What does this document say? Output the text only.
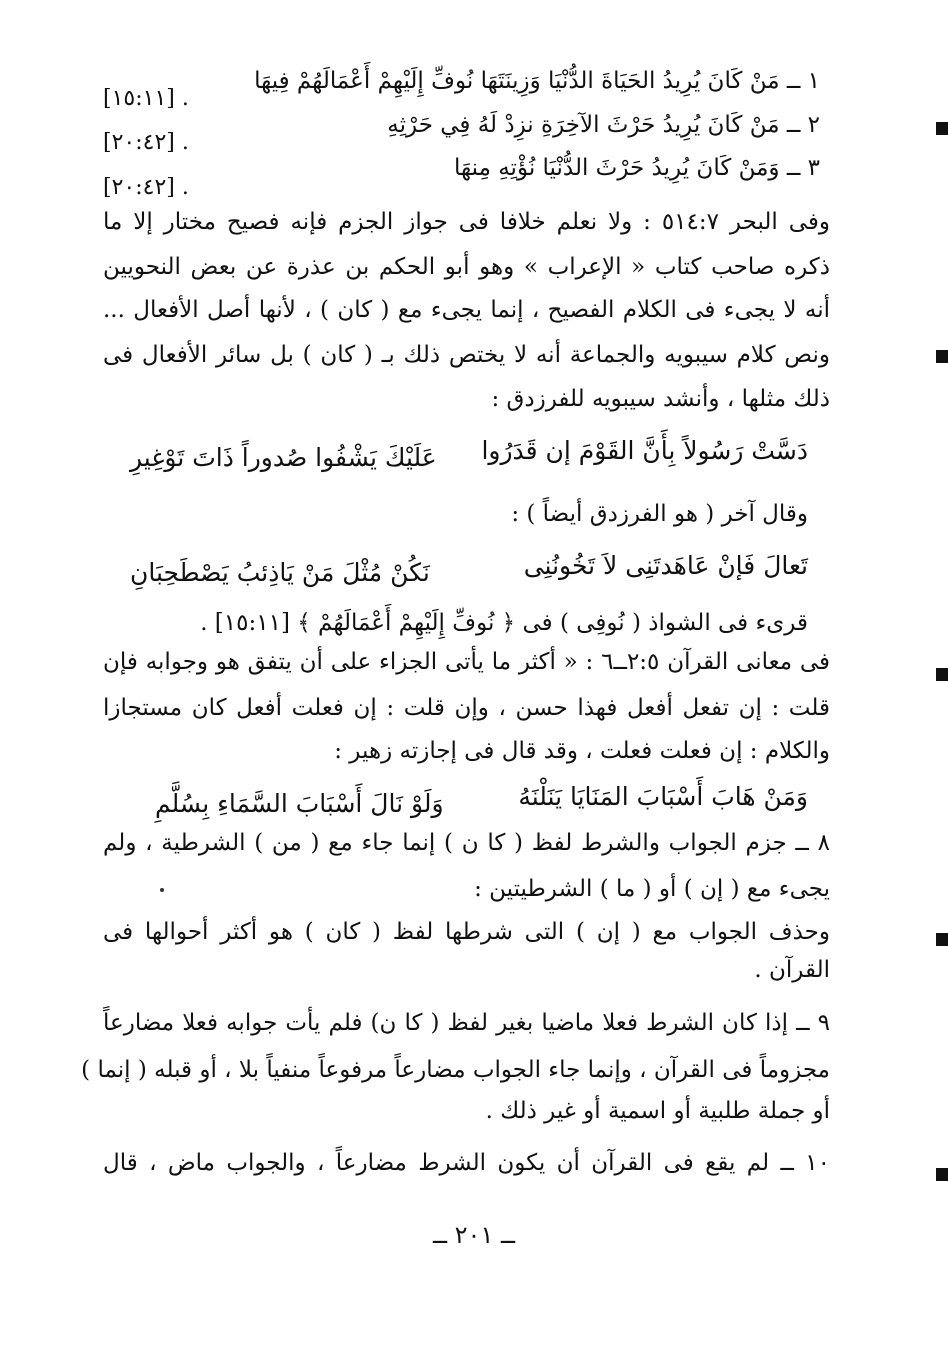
١ ــ مَنْ كَانَ يُرِيدُ الحَيَاةَ الدُّنْيَا وَزِينَتَهَا نُوفِّ إِلَيْهِمْ أَعْمَالَهُمْ فِيهَا
[١٥:١١] .
٢ ــ مَنْ كَانَ يُرِيدُ حَرْثَ الآخِرَةِ نزِدْ لَهُ فِي حَرْثِهِ
[٢٠:٤٢] .
٣ ــ وَمَنْ كَانَ يُرِيدُ حَرْثَ الدُّنْيَا نُؤْتِهِ مِنهَا
[٢٠:٤٢] .
وفى البحر ٥١٤:٧ : ولا نعلم خلافا فى جواز الجزم فإنه فصيح مختار إلا ما
ذكره صاحب كتاب « الإعراب » وهو أبو الحكم بن عذرة عن بعض النحويين
أنه لا يجىء فى الكلام الفصيح ، إنما يجىء مع ( كان ) ، لأنها أصل الأفعال ...
ونص كلام سيبويه والجماعة أنه لا يختص ذلك بـ ( كان ) بل سائر الأفعال فى
ذلك مثلها ، وأنشد سيبويه للفرزدق :
دَسَّتْ رَسُولاً بِأَنَّ القَوْمَ إن قَدَرُوا
عَلَيْكَ يَشْفُوا صُدوراً ذَاتَ تَوْغِيرِ
وقال آخر ( هو الفرزدق أيضاً ) :
تَعالَ فَإنْ عَاهَدتَنِى لاَ تَخُونُنِى
نَكُنْ مُثْلَ مَنْ يَاذِئبُ يَصْطَحِبَانِ
قرىء فى الشواذ ( نُوفِى ) فى ﴿ نُوفِّ إِلَيْهِمْ أَعْمَالَهُمْ ﴾ [١٥:١١] .
فى معانى القرآن ٢:٥ــ٦ : « أكثر ما يأتى الجزاء على أن يتفق هو وجوابه فإن
قلت : إن تفعل أفعل فهذا حسن ، وإن قلت : إن فعلت أفعل كان مستجازا
والكلام : إن فعلت فعلت ، وقد قال فى إجازته زهير :
وَمَنْ هَابَ أَسْبَابَ المَنَايَا يَنَلْنَهُ
وَلَوْ نَالَ أَسْبَابَ السَّمَاءِ بِسُلَّمِ
٨ ــ جزم الجواب والشرط لفظ ( كا ن ) إنما جاء مع ( من ) الشرطية ، ولم
يجىء مع ( إن ) أو ( ما ) الشرطيتين :
وحذف الجواب مع ( إن ) التى شرطها لفظ ( كان ) هو أكثر أحوالها فى
القرآن .
٩ ــ إذا كان الشرط فعلا ماضيا بغير لفظ ( كا ن) فلم يأت جوابه فعلا مضارعاً
مجزوماً فى القرآن ، وإنما جاء الجواب مضارعاً مرفوعاً منفياً بلا ، أو قبله ( إنما )
أو جملة طلبية أو اسمية أو غير ذلك .
١٠ ــ لم يقع فى القرآن أن يكون الشرط مضارعاً ، والجواب ماض ، قال
ــ ٢٠١ ــ
